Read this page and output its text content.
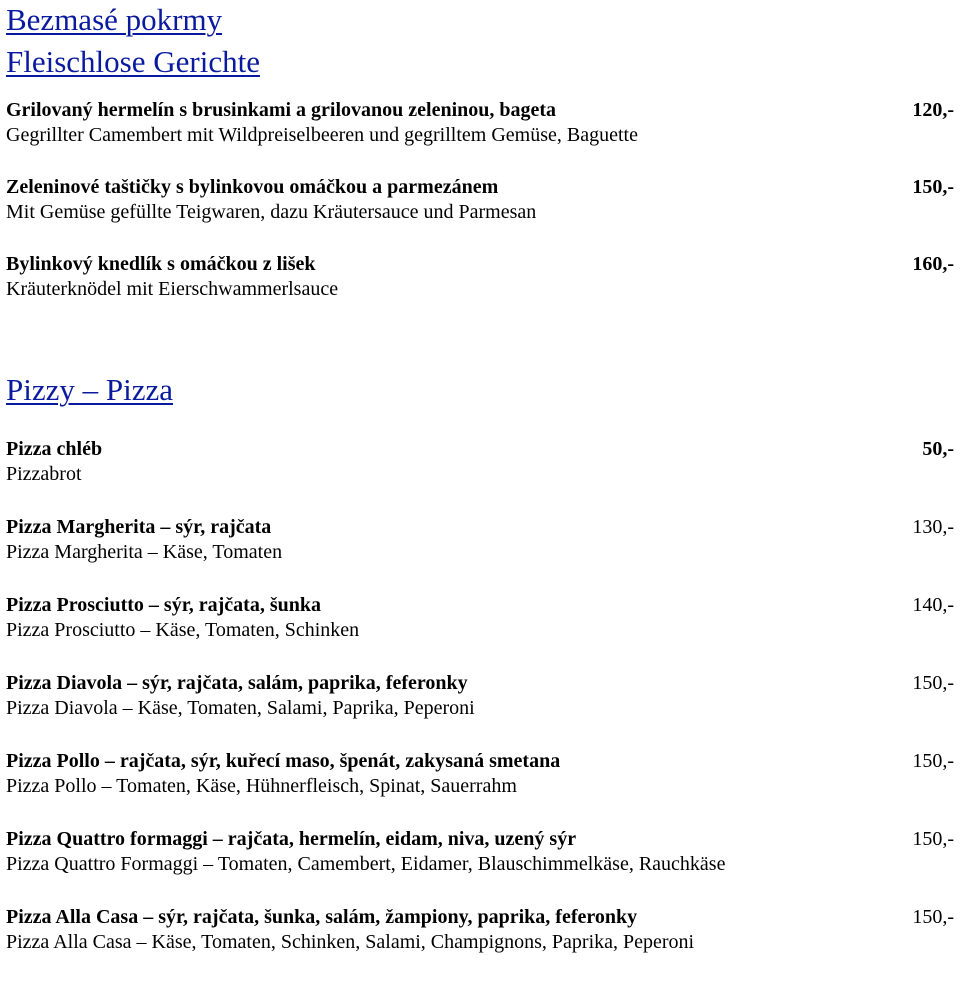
Bezmasé pokrmy
Fleischlose Gerichte
Grilovaný hermelín s brusinkami a grilovanou zeleninou, bageta	120,-
Gegrillter Camembert mit Wildpreiselbeeren und gegrilltem Gemüse, Baguette
Zeleninové taštičky s bylinkovou omáčkou a parmezánem	150,-
Mit Gemüse gefüllte Teigwaren, dazu Kräutersauce und Parmesan
Bylinkový knedlík s omáčkou z lišek	160,-
Kräuterknödel mit Eierschwammerlsauce
Pizzy – Pizza
Pizza chléb	50,-
Pizzabrot
Pizza Margherita – sýr, rajčata	130,-
Pizza Margherita – Käse, Tomaten
Pizza Prosciutto – sýr, rajčata, šunka	140,-
Pizza Prosciutto – Käse, Tomaten, Schinken
Pizza Diavola – sýr, rajčata, salám, paprika, feferonky	150,-
Pizza Diavola – Käse, Tomaten, Salami, Paprika, Peperoni
Pizza Pollo – rajčata, sýr, kuřecí maso, špenát, zakysaná smetana	150,-
Pizza Pollo – Tomaten, Käse, Hühnerfleisch, Spinat, Sauerrahm
Pizza Quattro formaggi – rajčata, hermelín, eidam, niva, uzený sýr	150,-
Pizza Quattro Formaggi – Tomaten, Camembert, Eidamer, Blauschimmelkäse, Rauchkäse
Pizza Alla Casa – sýr, rajčata, šunka, salám, žampiony, paprika, feferonky	150,-
Pizza Alla Casa – Käse, Tomaten, Schinken, Salami, Champignons, Paprika, Peperoni
